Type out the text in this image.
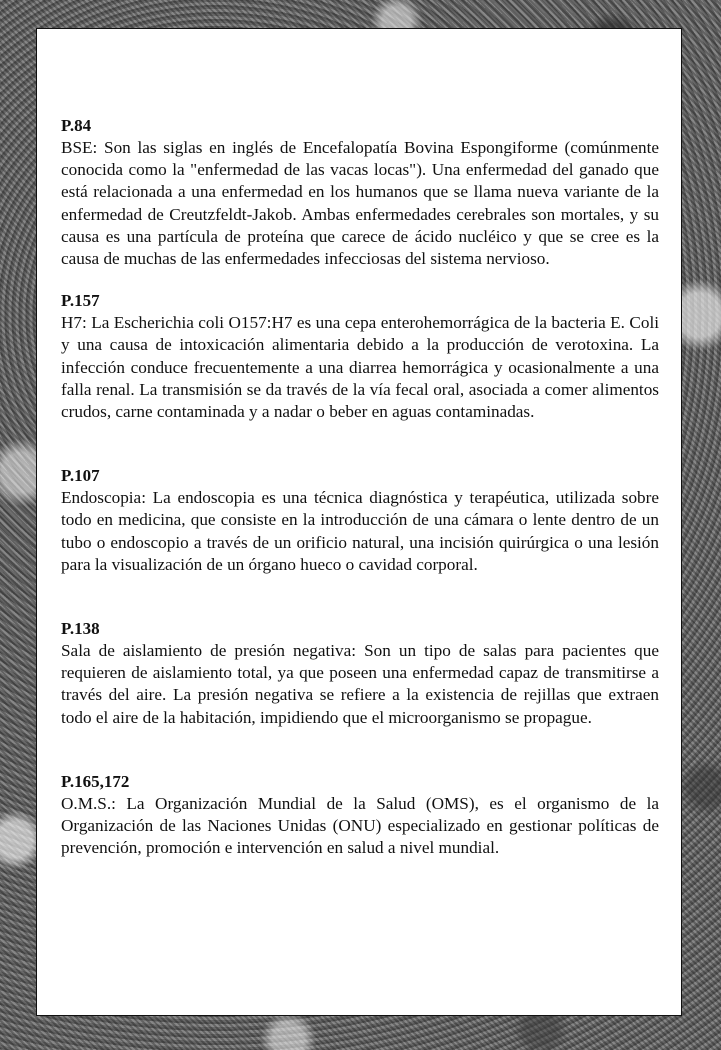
P.84

BSE: Son las siglas en inglés de Encefalopatía Bovina Espongiforme (comúnmente conocida como la "enfermedad de las vacas locas"). Una enfermedad del ganado que está relacionada a una enfermedad en los humanos que se llama nueva variante de la enfermedad de Creutzfeldt-Jakob. Ambas enfermedades cerebrales son mortales, y su causa es una partícula de proteína que carece de ácido nucléico y que se cree es la causa de muchas de las enfermedades infecciosas del sistema nervioso.

P.157

H7: La Escherichia coli O157:H7 es una cepa enterohemorrágica de la bacteria E. Coli y una causa de intoxicación alimentaria debido a la producción de verotoxina. La infección conduce frecuentemente a una diarrea hemorrágica y ocasionalmente a una falla renal. La transmisión se da través de la vía fecal oral, asociada a comer alimentos crudos, carne contaminada y a nadar o beber en aguas contaminadas.

P.107

Endoscopia: La endoscopia es una técnica diagnóstica y terapéutica, utilizada sobre todo en medicina, que consiste en la introducción de una cámara o lente dentro de un tubo o endoscopio a través de un orificio natural, una incisión quirúrgica o una lesión para la visualización de un órgano hueco o cavidad corporal.

P.138

Sala de aislamiento de presión negativa: Son un tipo de salas para pacientes que requieren de aislamiento total, ya que poseen una enfermedad capaz de transmitirse a través del aire. La presión negativa se refiere a la existencia de rejillas que extraen todo el aire de la habitación, impidiendo que el microorganismo se propague.

P.165,172

O.M.S.: La Organización Mundial de la Salud (OMS), es el organismo de la Organización de las Naciones Unidas (ONU) especializado en gestionar políticas de prevención, promoción e intervención en salud a nivel mundial.
